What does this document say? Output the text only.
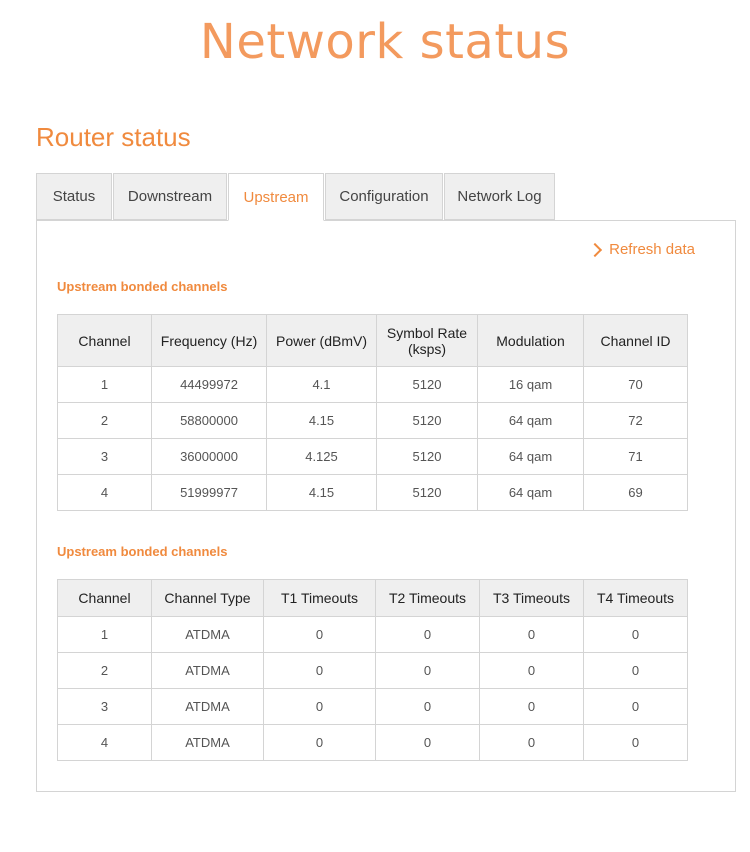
Network status
Router status
Status	Downstream	Upstream	Configuration	Network Log
Refresh data
Upstream bonded channels
Channel	Frequency (Hz)	Power (dBmV)	Symbol Rate (ksps)	Modulation	Channel ID
1	44499972	4.1	5120	16 qam	70
2	58800000	4.15	5120	64 qam	72
3	36000000	4.125	5120	64 qam	71
4	51999977	4.15	5120	64 qam	69
Upstream bonded channels
Channel	Channel Type	T1 Timeouts	T2 Timeouts	T3 Timeouts	T4 Timeouts
1	ATDMA	0	0	0	0
2	ATDMA	0	0	0	0
3	ATDMA	0	0	0	0
4	ATDMA	0	0	0	0
